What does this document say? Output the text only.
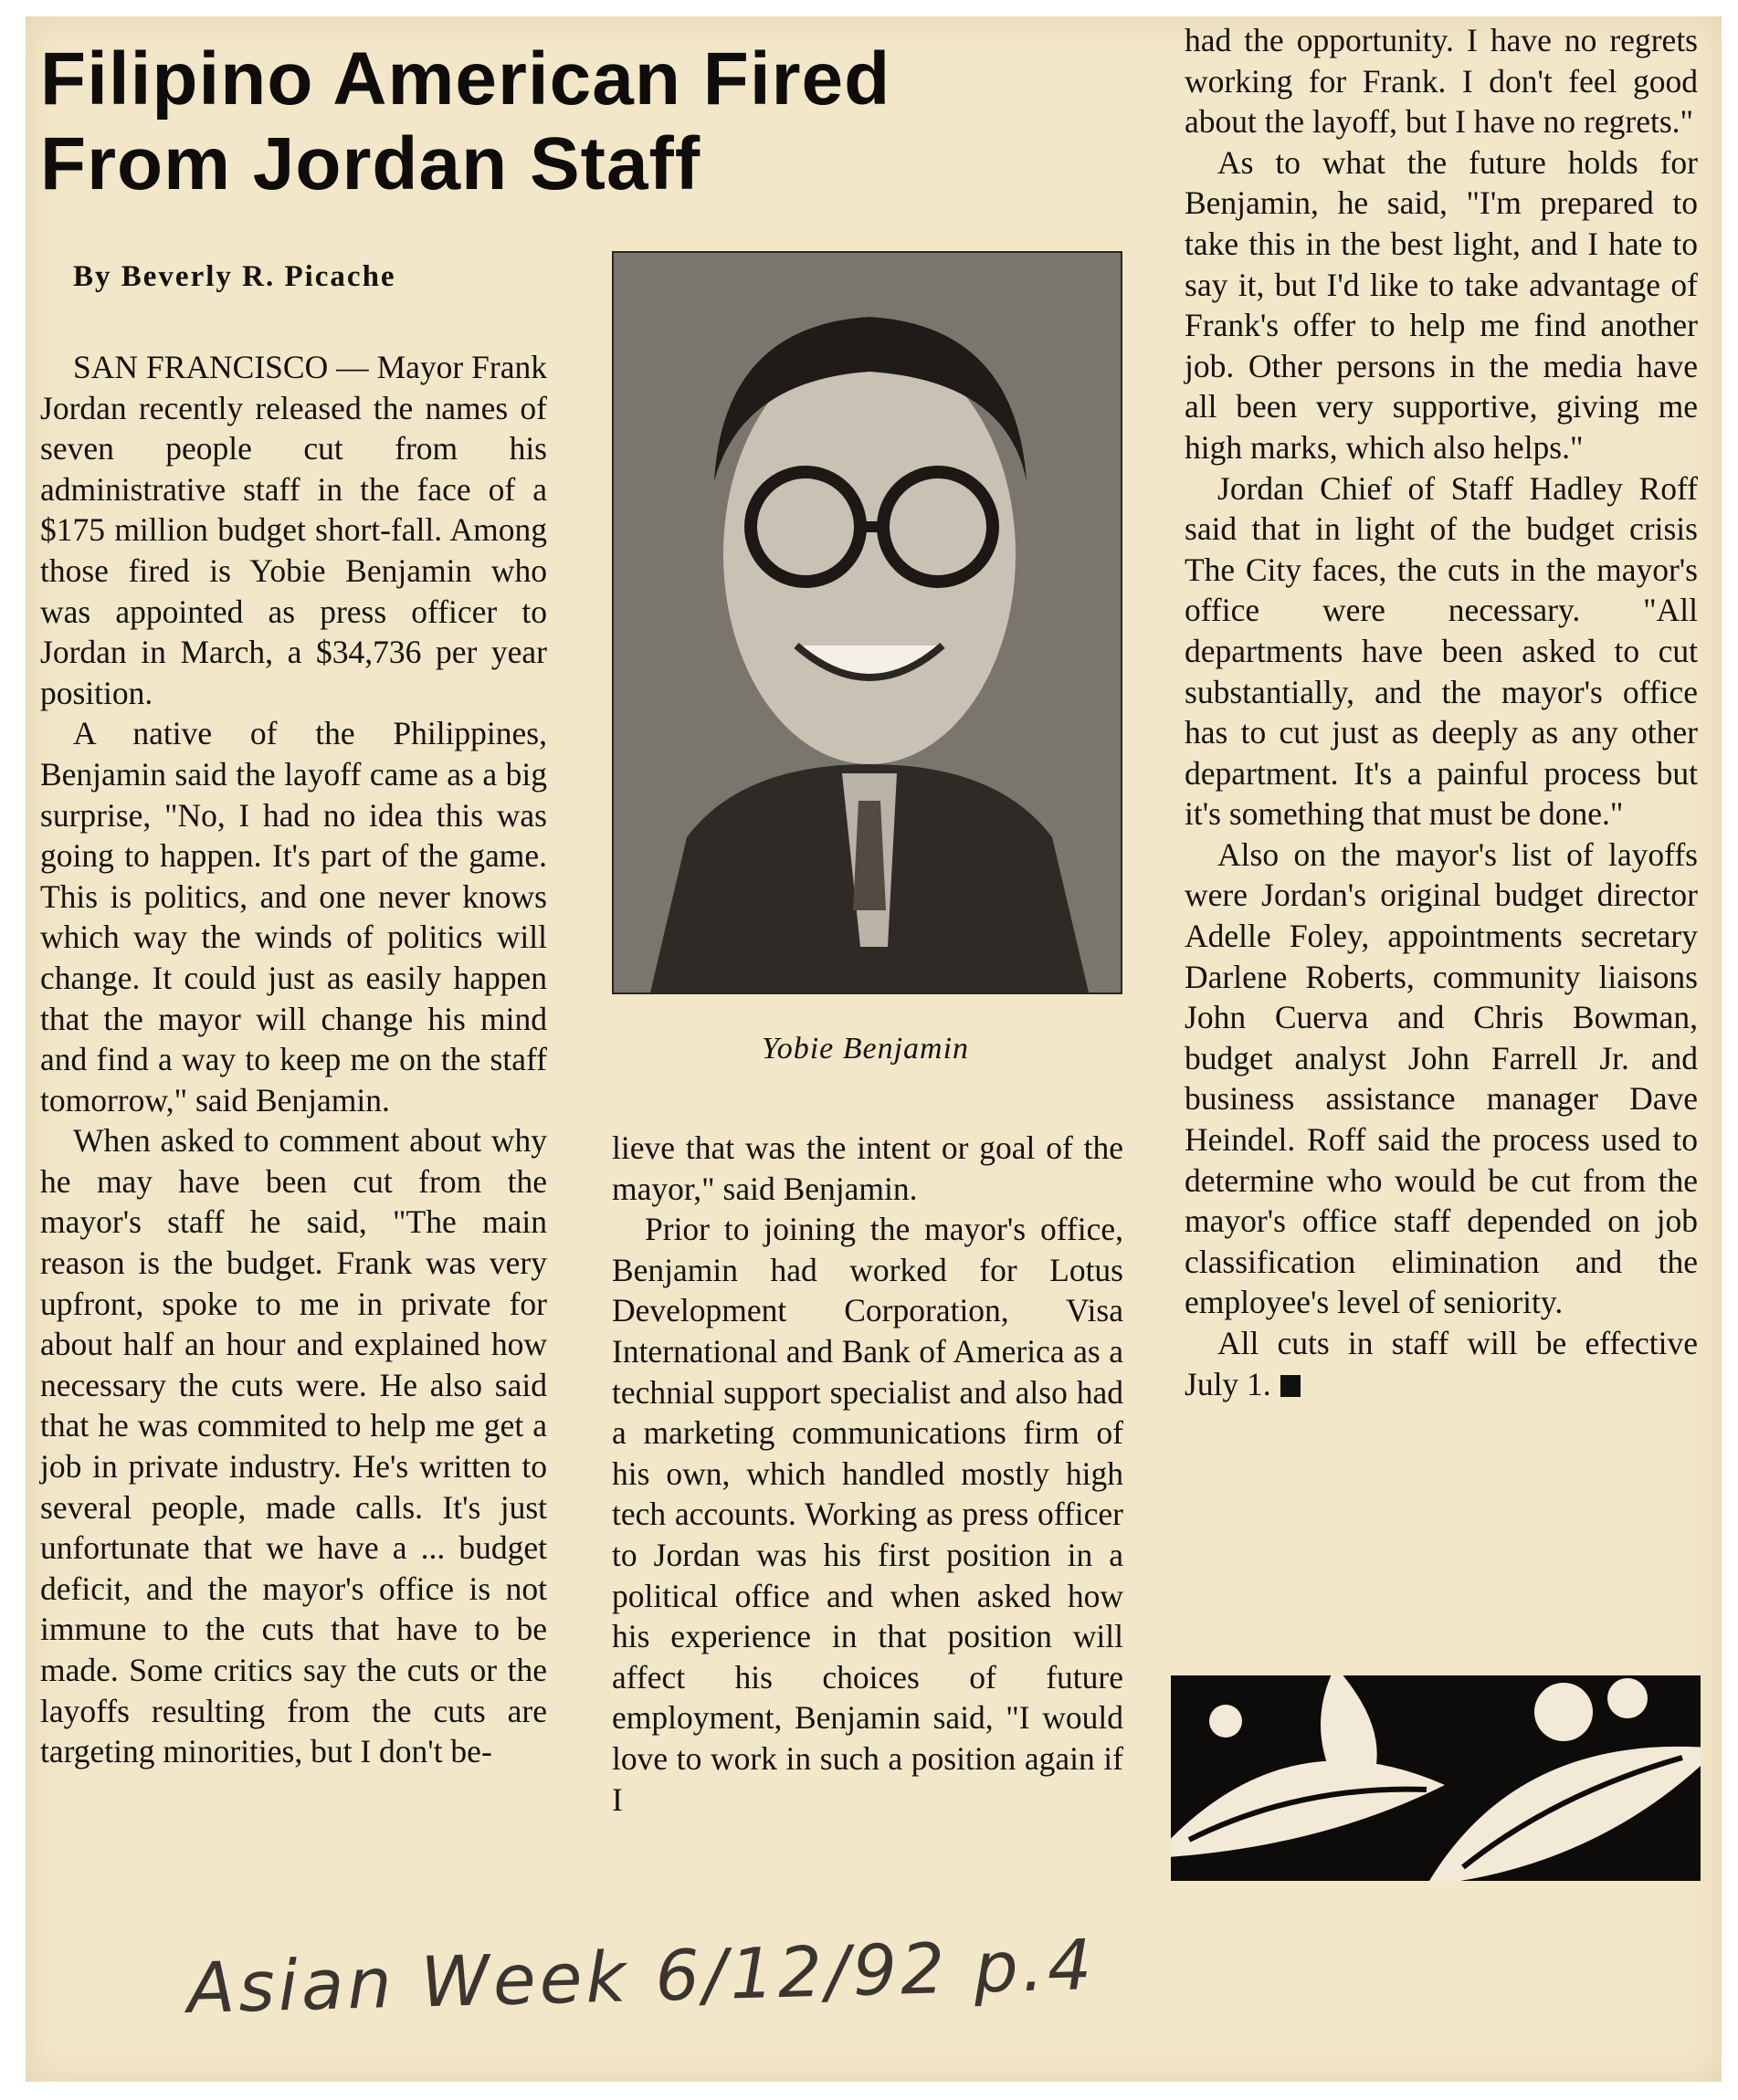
Filipino American Fired
From Jordan Staff
By Beverly R. Picache

SAN FRANCISCO — Mayor Frank Jordan recently released the names of seven people cut from his administrative staff in the face of a $175 million budget short-fall. Among those fired is Yobie Benjamin who was appointed as press officer to Jordan in March, a $34,736 per year position.

A native of the Philippines, Benjamin said the layoff came as a big surprise, "No, I had no idea this was going to happen. It's part of the game. This is politics, and one never knows which way the winds of politics will change. It could just as easily happen that the mayor will change his mind and find a way to keep me on the staff tomorrow," said Benjamin.

When asked to comment about why he may have been cut from the mayor's staff he said, "The main reason is the budget. Frank was very upfront, spoke to me in private for about half an hour and explained how necessary the cuts were. He also said that he was commited to help me get a job in private industry. He's written to several people, made calls. It's just unfortunate that we have a ... budget deficit, and the mayor's office is not immune to the cuts that have to be made. Some critics say the cuts or the layoffs resulting from the cuts are targeting minorities, but I don't be-

Yobie Benjamin

lieve that was the intent or goal of the mayor," said Benjamin.

Prior to joining the mayor's office, Benjamin had worked for Lotus Development Corporation, Visa International and Bank of America as a technial support specialist and also had a marketing communications firm of his own, which handled mostly high tech accounts. Working as press officer to Jordan was his first position in a political office and when asked how his experience in that position will affect his choices of future employment, Benjamin said, "I would love to work in such a position again if I

had the opportunity. I have no regrets working for Frank. I don't feel good about the layoff, but I have no regrets."

As to what the future holds for Benjamin, he said, "I'm prepared to take this in the best light, and I hate to say it, but I'd like to take advantage of Frank's offer to help me find another job. Other persons in the media have all been very supportive, giving me high marks, which also helps."

Jordan Chief of Staff Hadley Roff said that in light of the budget crisis The City faces, the cuts in the mayor's office were necessary. "All departments have been asked to cut substantially, and the mayor's office has to cut just as deeply as any other department. It's a painful process but it's something that must be done."

Also on the mayor's list of layoffs were Jordan's original budget director Adelle Foley, appointments secretary Darlene Roberts, community liaisons John Cuerva and Chris Bowman, budget analyst John Farrell Jr. and business assistance manager Dave Heindel. Roff said the process used to determine who would be cut from the mayor's office staff depended on job classification elimination and the employee's level of seniority.

All cuts in staff will be effective July 1.

Asian Week 6/12/92 p.4
